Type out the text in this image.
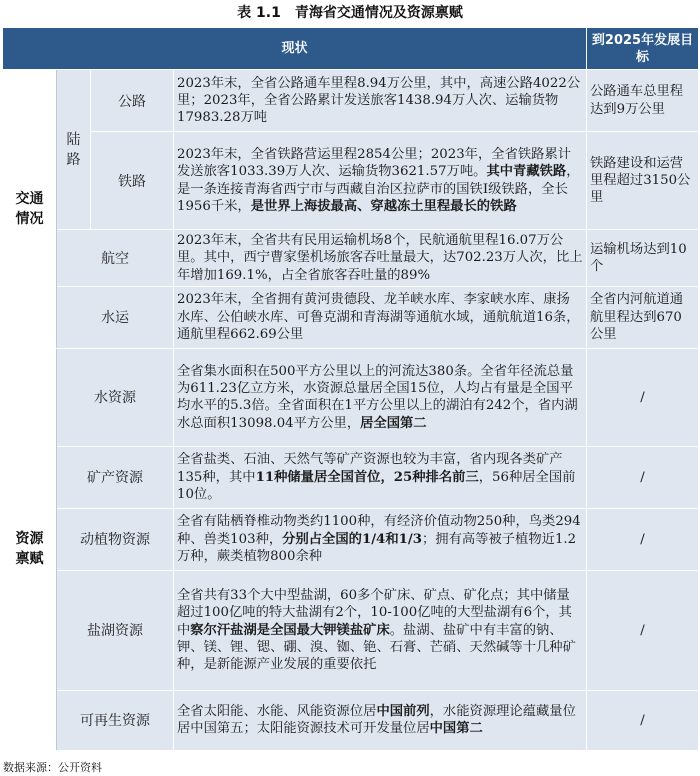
表 1.1　青海省交通情况及资源禀赋
现状				到2025年发展目标
交通情况	陆路	公路	2023年末，全省公路通车里程8.94万公里，其中，高速公路4022公里；2023年，全省公路累计发送旅客1438.94万人次、运输货物17983.28万吨	公路通车总里程达到9万公里
		铁路	2023年末，全省铁路营运里程2854公里；2023年，全省铁路累计发送旅客1033.39万人次、运输货物3621.57万吨。其中青藏铁路，是一条连接青海省西宁市与西藏自治区拉萨市的国铁Ⅰ级铁路，全长1956千米，是世界上海拔最高、穿越冻土里程最长的铁路	铁路建设和运营里程超过3150公里
	航空		2023年末，全省共有民用运输机场8个，民航通航里程16.07万公里。其中，西宁曹家堡机场旅客吞吐量最大，达702.23万人次，比上年增加169.1%，占全省旅客吞吐量的89%	运输机场达到10个
	水运		2023年末，全省拥有黄河贵德段、龙羊峡水库、李家峡水库、康扬水库、公伯峡水库、可鲁克湖和青海湖等通航水域，通航航道16条，通航里程662.69公里	全省内河航道通航里程达到670公里
资源禀赋	水资源		全省集水面积在500平方公里以上的河流达380条。全省年径流总量为611.23亿立方米，水资源总量居全国15位，人均占有量是全国平均水平的5.3倍。全省面积在1平方公里以上的湖泊有242个，省内湖水总面积13098.04平方公里，居全国第二	/
	矿产资源		全省盐类、石油、天然气等矿产资源也较为丰富，省内现各类矿产135种，其中11种储量居全国首位，25种排名前三，56种居全国前10位。	/
	动植物资源		全省有陆栖脊椎动物类约1100种，有经济价值动物250种，鸟类294种、兽类103种，分别占全国的1/4和1/3；拥有高等被子植物近1.2万种，蕨类植物800余种	/
	盐湖资源		全省共有33个大中型盐湖，60多个矿床、矿点、矿化点；其中储量超过100亿吨的特大盐湖有2个，10-100亿吨的大型盐湖有6个，其中察尔汗盐湖是全国最大钾镁盐矿床。盐湖、盐矿中有丰富的钠、钾、镁、锂、锶、硼、溴、铷、铯、石膏、芒硝、天然碱等十几种矿种，是新能源产业发展的重要依托	/
	可再生资源		全省太阳能、水能、风能资源位居中国前列，水能资源理论蕴藏量位居中国第五；太阳能资源技术可开发量位居中国第二	/
数据来源：公开资料
